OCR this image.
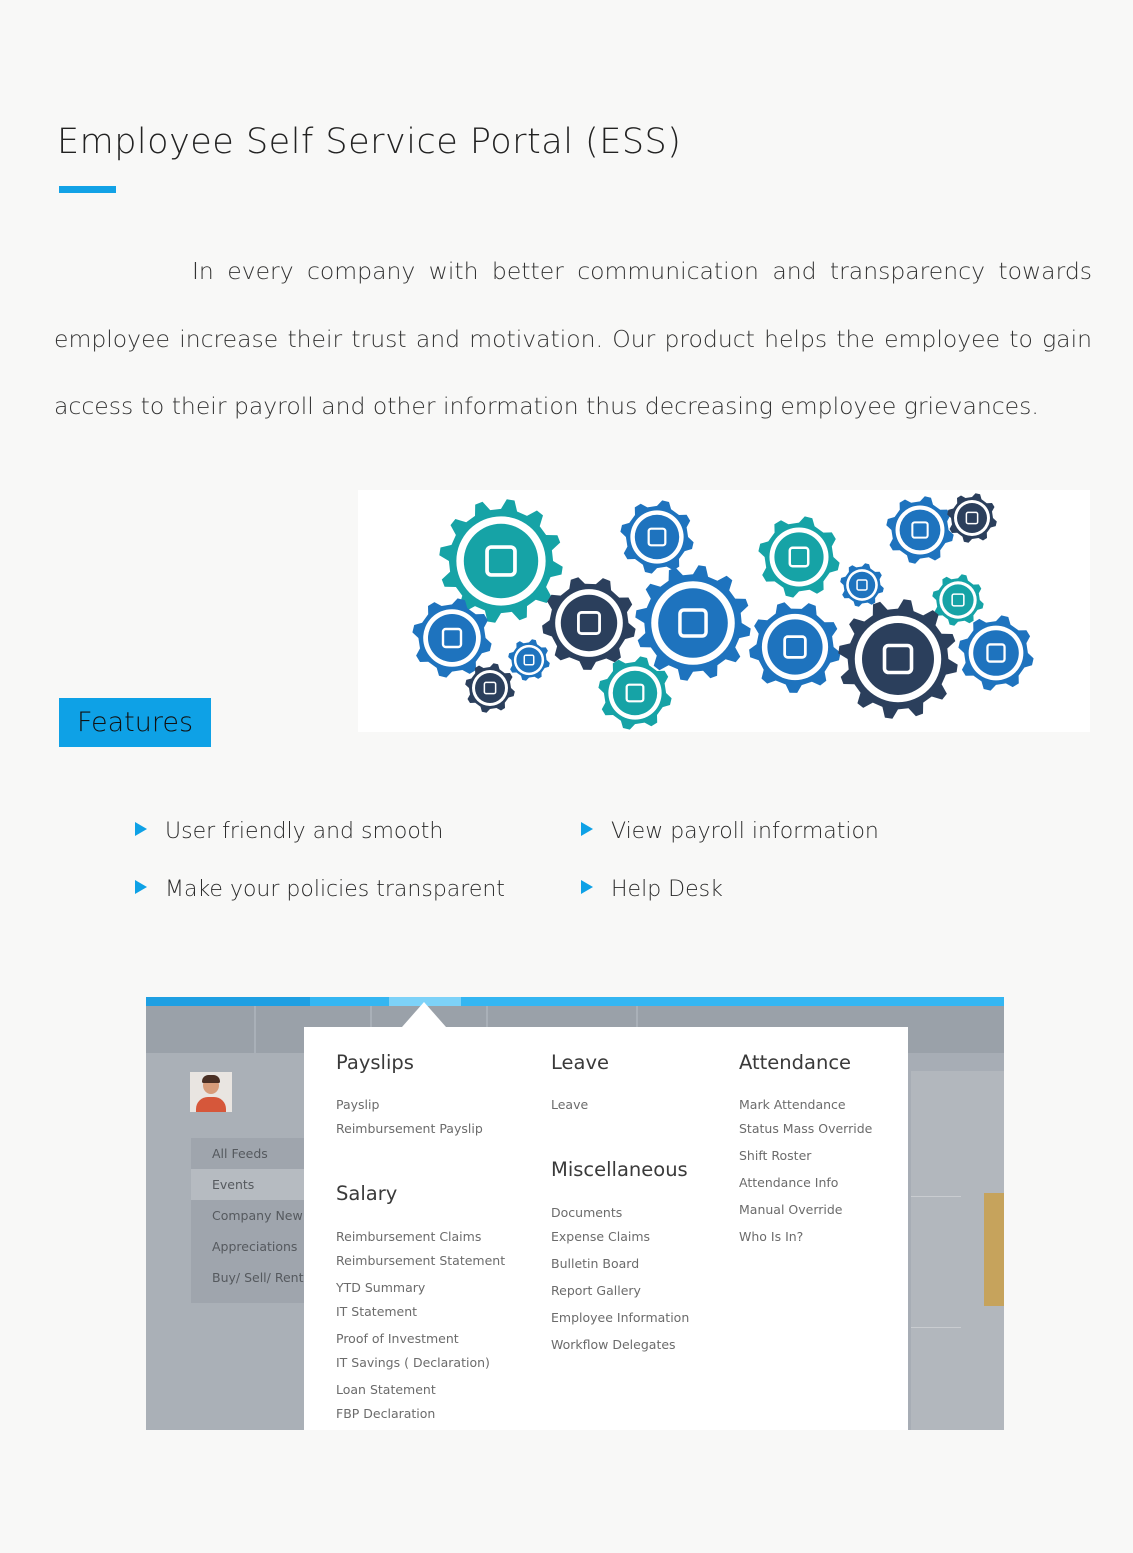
Employee Self Service Portal (ESS)
In every company with better communication and transparency towards employee increase their trust and motivation. Our product helps the employee to gain access to their payroll and other information thus decreasing employee grievances.
Features
User friendly and smooth	View payroll information
Make your policies transparent	Help Desk
All Feeds
Events
Company New
Appreciations
Buy/ Sell/ Rent
Payslips
Payslip
Reimbursement Payslip
Salary
Reimbursement Claims
Reimbursement Statement
YTD Summary
IT Statement
Proof of Investment
IT Savings ( Declaration)
Loan Statement
FBP Declaration
Leave
Leave
Miscellaneous
Documents
Expense Claims
Bulletin Board
Report Gallery
Employee Information
Workflow Delegates
Attendance
Mark Attendance
Status Mass Override
Shift Roster
Attendance Info
Manual Override
Who Is In?
